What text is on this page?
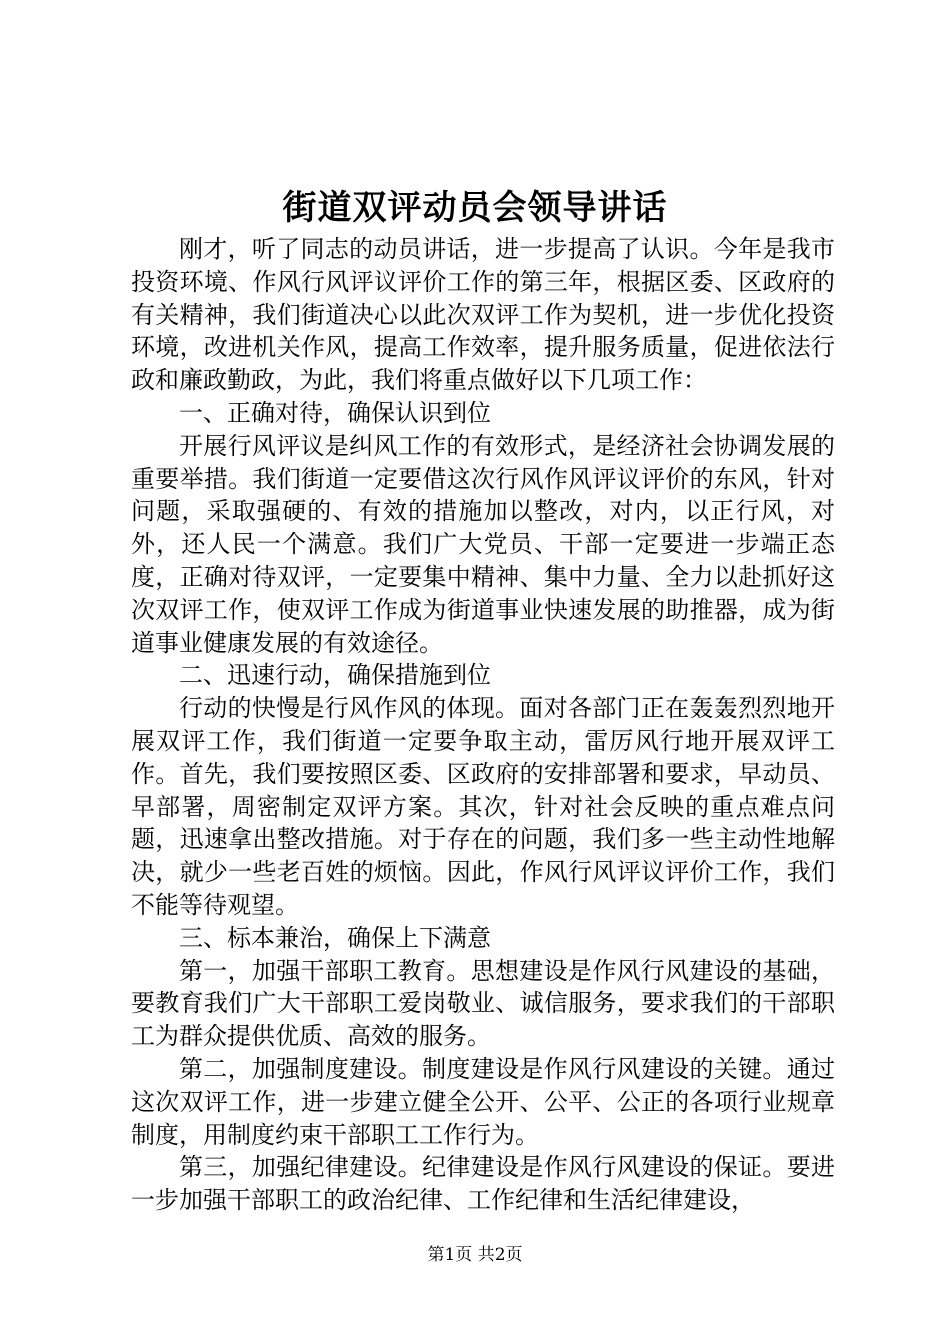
街道双评动员会领导讲话

刚才，听了同志的动员讲话，进一步提高了认识。今年是我市投资环境、作风行风评议评价工作的第三年，根据区委、区政府的有关精神，我们街道决心以此次双评工作为契机，进一步优化投资环境，改进机关作风，提高工作效率，提升服务质量，促进依法行政和廉政勤政，为此，我们将重点做好以下几项工作：

一、正确对待，确保认识到位

开展行风评议是纠风工作的有效形式，是经济社会协调发展的重要举措。我们街道一定要借这次行风作风评议评价的东风，针对问题，采取强硬的、有效的措施加以整改，对内，以正行风，对外，还人民一个满意。我们广大党员、干部一定要进一步端正态度，正确对待双评，一定要集中精神、集中力量、全力以赴抓好这次双评工作，使双评工作成为街道事业快速发展的助推器，成为街道事业健康发展的有效途径。

二、迅速行动，确保措施到位

行动的快慢是行风作风的体现。面对各部门正在轰轰烈烈地开展双评工作，我们街道一定要争取主动，雷厉风行地开展双评工作。首先，我们要按照区委、区政府的安排部署和要求，早动员、早部署，周密制定双评方案。其次，针对社会反映的重点难点问题，迅速拿出整改措施。对于存在的问题，我们多一些主动性地解决，就少一些老百姓的烦恼。因此，作风行风评议评价工作，我们不能等待观望。

三、标本兼治，确保上下满意

第一，加强干部职工教育。思想建设是作风行风建设的基础，要教育我们广大干部职工爱岗敬业、诚信服务，要求我们的干部职工为群众提供优质、高效的服务。

第二，加强制度建设。制度建设是作风行风建设的关键。通过这次双评工作，进一步建立健全公开、公平、公正的各项行业规章制度，用制度约束干部职工工作行为。

第三，加强纪律建设。纪律建设是作风行风建设的保证。要进一步加强干部职工的政治纪律、工作纪律和生活纪律建设，

第1页 共2页
